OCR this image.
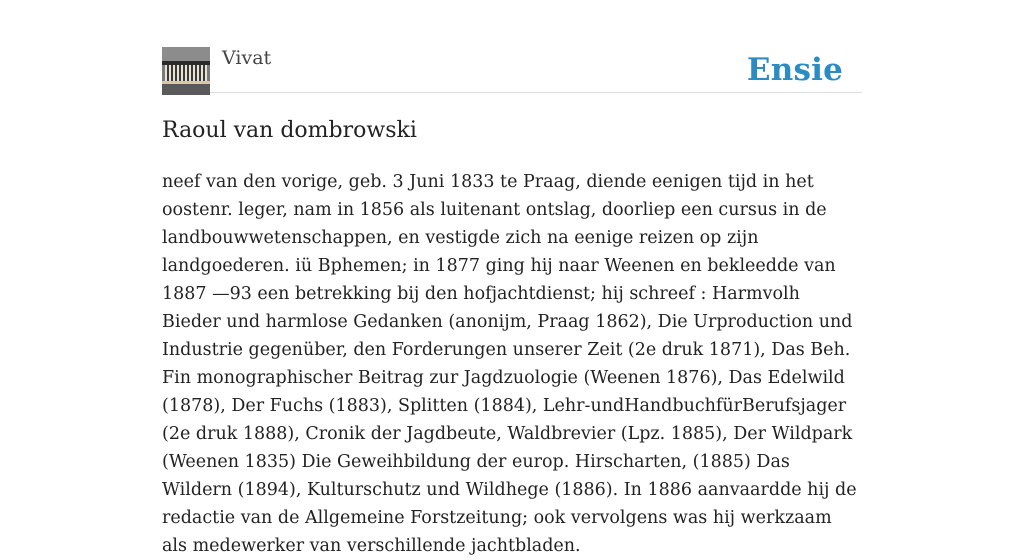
Vivat	Ensie
Raoul van dombrowski

neef van den vorige, geb. 3 Juni 1833 te Praag, diende eenigen tijd in het oostenr. leger, nam in 1856 als luitenant ontslag, doorliep een cursus in de landbouwwetenschappen, en vestigde zich na eenige reizen op zijn landgoederen. iü Bphemen; in 1877 ging hij naar Weenen en bekleedde van 1887 —93 een betrekking bij den hofjachtdienst; hij schreef : Harmvolh Bieder und harmlose Gedanken (anonijm, Praag 1862), Die Urproduction und Industrie gegenüber, den Forderungen unserer Zeit (2e druk 1871), Das Beh. Fin monographischer Beitrag zur Jagdzuologie (Weenen 1876), Das Edelwild (1878), Der Fuchs (1883), Splitten (1884), Lehr-undHandbuchfürBerufsjager (2e druk 1888), Cronik der Jagdbeute, Waldbrevier (Lpz. 1885), Der Wildpark (Weenen 1835) Die Geweihbildung der europ. Hirscharten, (1885) Das Wildern (1894), Kulturschutz und Wildhege (1886). In 1886 aanvaardde hij de redactie van de Allgemeine Forstzeitung; ook vervolgens was hij werkzaam als medewerker van verschillende jachtbladen.
